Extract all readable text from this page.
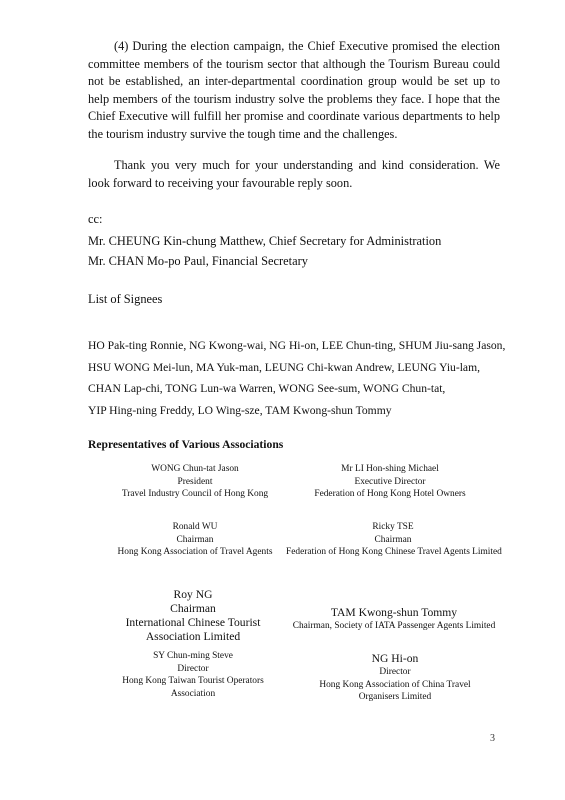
(4) During the election campaign, the Chief Executive promised the election committee members of the tourism sector that although the Tourism Bureau could not be established, an inter-departmental coordination group would be set up to help members of the tourism industry solve the problems they face. I hope that the Chief Executive will fulfill her promise and coordinate various departments to help the tourism industry survive the tough time and the challenges.

Thank you very much for your understanding and kind consideration. We look forward to receiving your favourable reply soon.

cc:
Mr. CHEUNG Kin-chung Matthew, Chief Secretary for Administration
Mr. CHAN Mo-po Paul, Financial Secretary
List of Signees
HO Pak-ting Ronnie, NG Kwong-wai, NG Hi-on, LEE Chun-ting, SHUM Jiu-sang Jason,
HSU WONG Mei-lun, MA Yuk-man, LEUNG Chi-kwan Andrew, LEUNG Yiu-lam,
CHAN Lap-chi, TONG Lun-wa Warren, WONG See-sum, WONG Chun-tat,
YIP Hing-ning Freddy, LO Wing-sze, TAM Kwong-shun Tommy
Representatives of Various Associations
WONG Chun-tat Jason
President
Travel Industry Council of Hong Kong
Mr LI Hon-shing Michael
Executive Director
Federation of Hong Kong Hotel Owners
Ronald WU
Chairman
Hong Kong Association of Travel Agents
Ricky TSE
Chairman
Federation of Hong Kong Chinese Travel Agents Limited
Roy NG
Chairman
International Chinese Tourist Association Limited
TAM Kwong-shun Tommy
Chairman, Society of IATA Passenger Agents Limited
SY Chun-ming Steve
Director
Hong Kong Taiwan Tourist Operators Association
NG Hi-on
Director
Hong Kong Association of China Travel Organisers Limited
3
